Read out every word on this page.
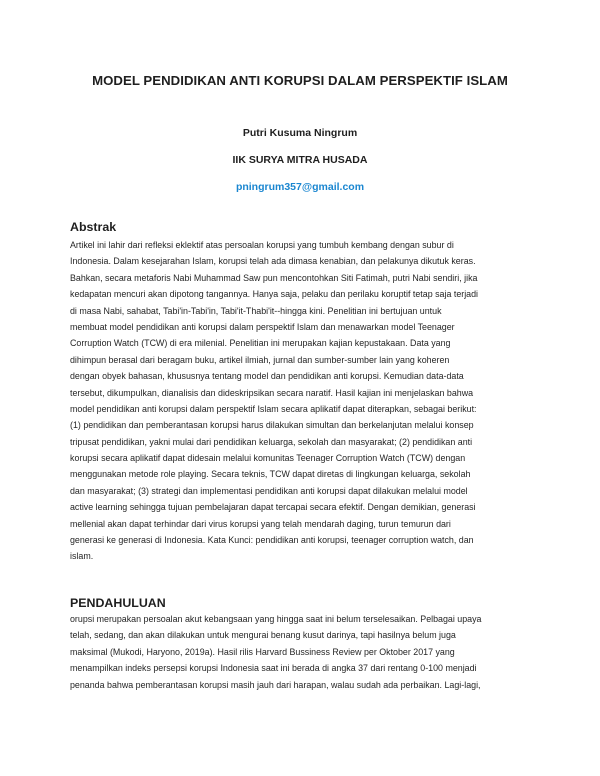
MODEL PENDIDIKAN ANTI KORUPSI DALAM PERSPEKTIF ISLAM
Putri Kusuma Ningrum
IIK SURYA MITRA HUSADA
pningrum357@gmail.com
Abstrak

Artikel ini lahir dari refleksi eklektif atas persoalan korupsi yang tumbuh kembang dengan subur di
Indonesia. Dalam kesejarahan Islam, korupsi telah ada dimasa kenabian, dan pelakunya dikutuk keras.
Bahkan, secara metaforis Nabi Muhammad Saw pun mencontohkan Siti Fatimah, putri Nabi sendiri, jika
kedapatan mencuri akan dipotong tangannya. Hanya saja, pelaku dan perilaku koruptif tetap saja terjadi
di masa Nabi, sahabat, Tabi'in-Tabi'in, Tabi'it-Thabi'it--hingga kini. Penelitian ini bertujuan untuk
membuat model pendidikan anti korupsi dalam perspektif Islam dan menawarkan model Teenager
Corruption Watch (TCW) di era milenial. Penelitian ini merupakan kajian kepustakaan. Data yang
dihimpun berasal dari beragam buku, artikel ilmiah, jurnal dan sumber-sumber lain yang koheren
dengan obyek bahasan, khususnya tentang model dan pendidikan anti korupsi. Kemudian data-data
tersebut, dikumpulkan, dianalisis dan dideskripsikan secara naratif. Hasil kajian ini menjelaskan bahwa
model pendidikan anti korupsi dalam perspektif Islam secara aplikatif dapat diterapkan, sebagai berikut:
(1) pendidikan dan pemberantasan korupsi harus dilakukan simultan dan berkelanjutan melalui konsep
tripusat pendidikan, yakni mulai dari pendidikan keluarga, sekolah dan masyarakat; (2) pendidikan anti
korupsi secara aplikatif dapat didesain melalui komunitas Teenager Corruption Watch (TCW) dengan
menggunakan metode role playing. Secara teknis, TCW dapat diretas di lingkungan keluarga, sekolah
dan masyarakat; (3) strategi dan implementasi pendidikan anti korupsi dapat dilakukan melalui model
active learning sehingga tujuan pembelajaran dapat tercapai secara efektif. Dengan demikian, generasi
mellenial akan dapat terhindar dari virus korupsi yang telah mendarah daging, turun temurun dari
generasi ke generasi di Indonesia. Kata Kunci: pendidikan anti korupsi, teenager corruption watch, dan
islam.

PENDAHULUAN

orupsi merupakan persoalan akut kebangsaan yang hingga saat ini belum terselesaikan. Pelbagai upaya
telah, sedang, dan akan dilakukan untuk mengurai benang kusut darinya, tapi hasilnya belum juga
maksimal (Mukodi, Haryono, 2019a). Hasil rilis Harvard Bussiness Review per Oktober 2017 yang
menampilkan indeks persepsi korupsi Indonesia saat ini berada di angka 37 dari rentang 0-100 menjadi
penanda bahwa pemberantasan korupsi masih jauh dari harapan, walau sudah ada perbaikan. Lagi-lagi,
